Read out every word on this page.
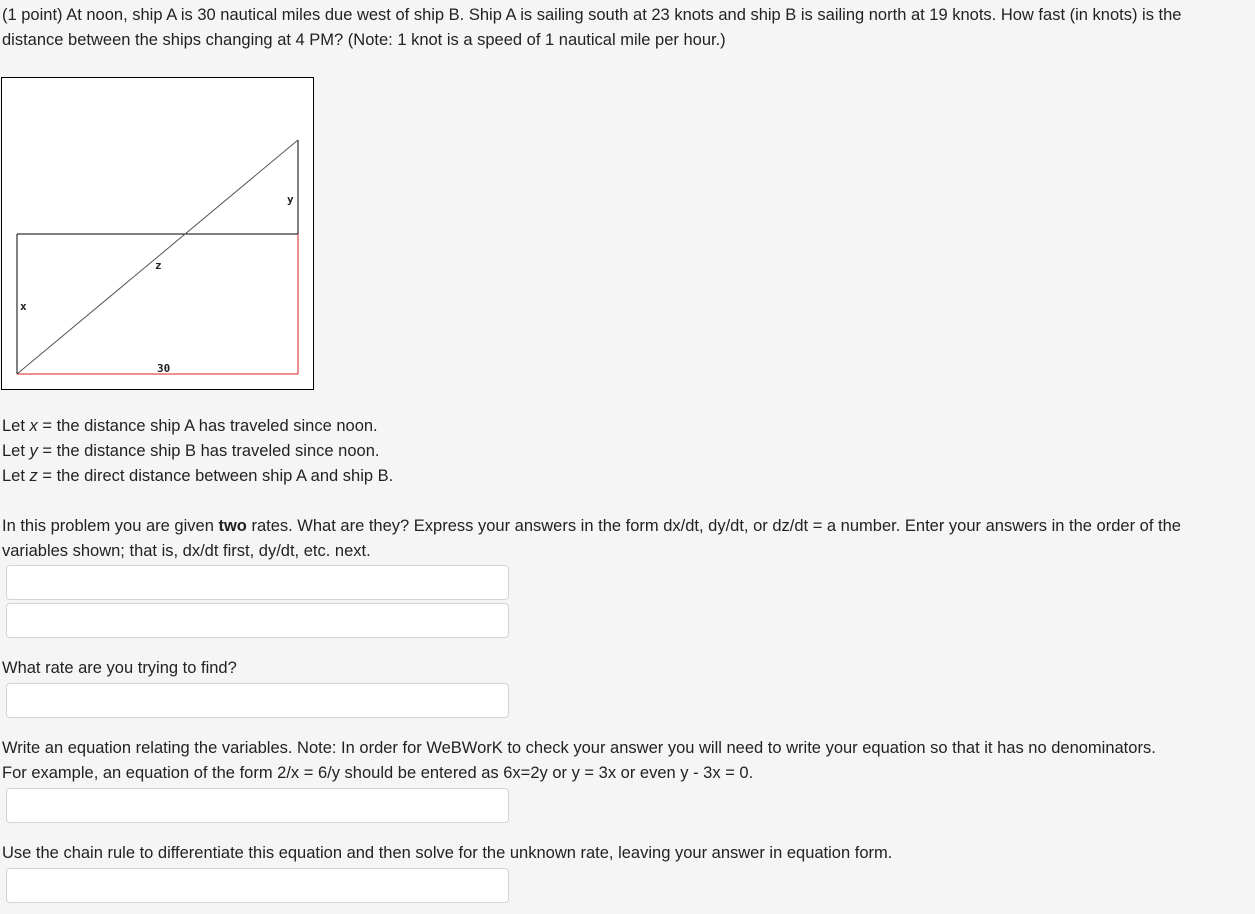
(1 point) At noon, ship A is 30 nautical miles due west of ship B. Ship A is sailing south at 23 knots and ship B is sailing north at 19 knots. How fast (in knots) is the
distance between the ships changing at 4 PM? (Note: 1 knot is a speed of 1 nautical mile per hour.)

y
z
x
30

Let x = the distance ship A has traveled since noon.
Let y = the distance ship B has traveled since noon.
Let z = the direct distance between ship A and ship B.

In this problem you are given two rates. What are they? Express your answers in the form dx/dt, dy/dt, or dz/dt = a number. Enter your answers in the order of the
variables shown; that is, dx/dt first, dy/dt, etc. next.

What rate are you trying to find?

Write an equation relating the variables. Note: In order for WeBWorK to check your answer you will need to write your equation so that it has no denominators.
For example, an equation of the form 2/x = 6/y should be entered as 6x=2y or y = 3x or even y - 3x = 0.

Use the chain rule to differentiate this equation and then solve for the unknown rate, leaving your answer in equation form.
